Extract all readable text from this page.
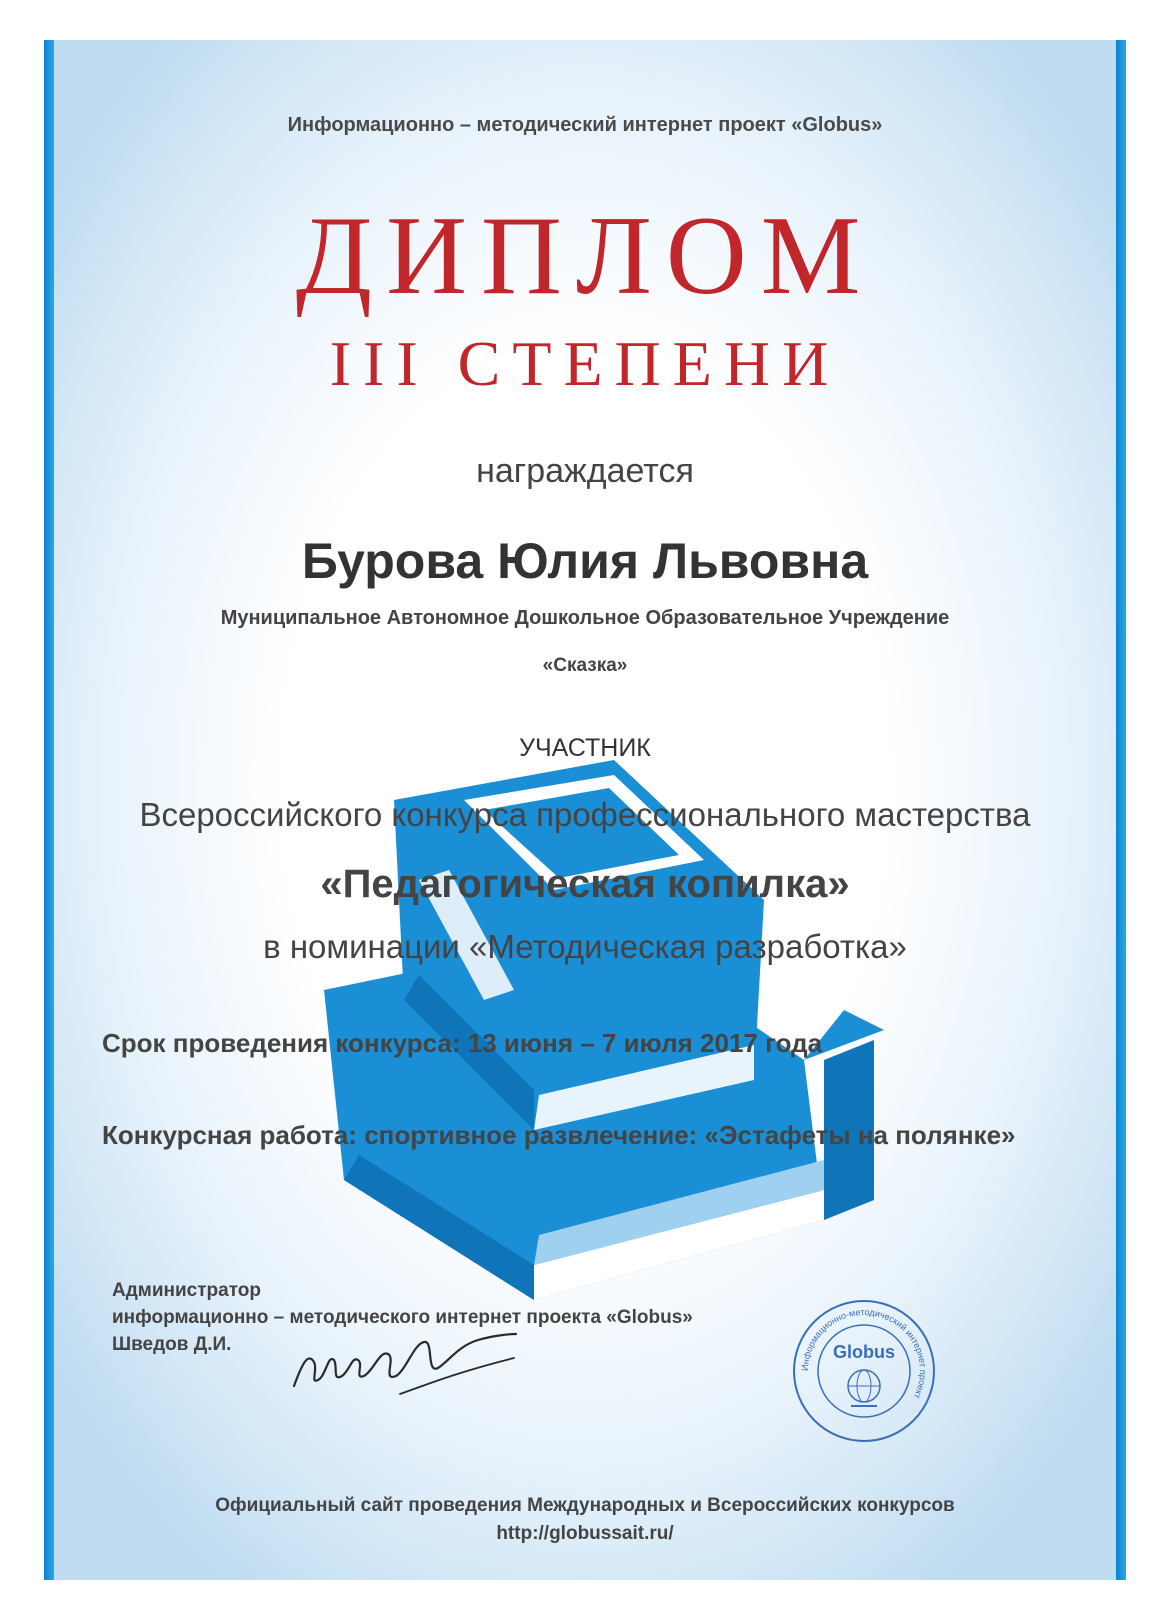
Информационно – методический интернет проект «Globus»
ДИПЛОМ
III СТЕПЕНИ
награждается
Бурова Юлия Львовна
Муниципальное Автономное Дошкольное Образовательное Учреждение
«Сказка»
УЧАСТНИК
Всероссийского конкурса профессионального мастерства
«Педагогическая копилка»
в номинации «Методическая разработка»
Срок проведения конкурса: 13 июня – 7 июля 2017 года
Конкурсная работа: спортивное развлечение: «Эстафеты на полянке»
Администратор
информационно – методического интернет проекта «Globus»
Шведов Д.И.
Информационно-методический интернет проект
Globus
Официальный сайт проведения Международных и Всероссийских конкурсов
http://globussait.ru/
